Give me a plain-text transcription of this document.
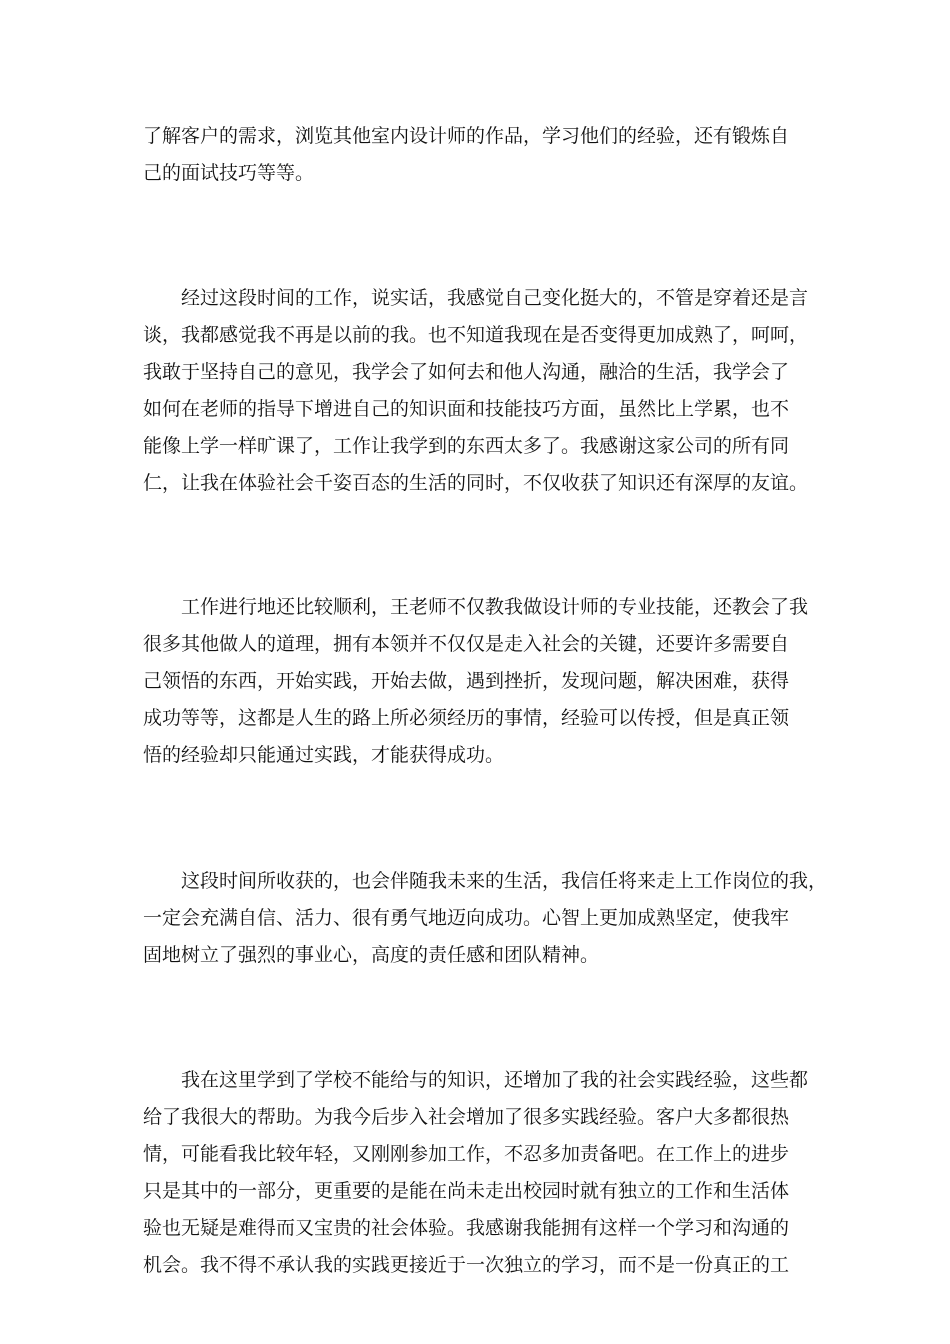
了解客户的需求，浏览其他室内设计师的作品，学习他们的经验，还有锻炼自
己的面试技巧等等。
　　经过这段时间的工作，说实话，我感觉自己变化挺大的，不管是穿着还是言
谈，我都感觉我不再是以前的我。也不知道我现在是否变得更加成熟了，呵呵，
我敢于坚持自己的意见，我学会了如何去和他人沟通，融洽的生活，我学会了
如何在老师的指导下增进自己的知识面和技能技巧方面，虽然比上学累，也不
能像上学一样旷课了，工作让我学到的东西太多了。我感谢这家公司的所有同
仁，让我在体验社会千姿百态的生活的同时，不仅收获了知识还有深厚的友谊。
　　工作进行地还比较顺利，王老师不仅教我做设计师的专业技能，还教会了我
很多其他做人的道理，拥有本领并不仅仅是走入社会的关键，还要许多需要自
己领悟的东西，开始实践，开始去做，遇到挫折，发现问题，解决困难，获得
成功等等，这都是人生的路上所必须经历的事情，经验可以传授，但是真正领
悟的经验却只能通过实践，才能获得成功。
　　这段时间所收获的，也会伴随我未来的生活，我信任将来走上工作岗位的我，
一定会充满自信、活力、很有勇气地迈向成功。心智上更加成熟坚定，使我牢
固地树立了强烈的事业心，高度的责任感和团队精神。
　　我在这里学到了学校不能给与的知识，还增加了我的社会实践经验，这些都
给了我很大的帮助。为我今后步入社会增加了很多实践经验。客户大多都很热
情，可能看我比较年轻，又刚刚参加工作，不忍多加责备吧。在工作上的进步
只是其中的一部分，更重要的是能在尚未走出校园时就有独立的工作和生活体
验也无疑是难得而又宝贵的社会体验。我感谢我能拥有这样一个学习和沟通的
机会。我不得不承认我的实践更接近于一次独立的学习，而不是一份真正的工
